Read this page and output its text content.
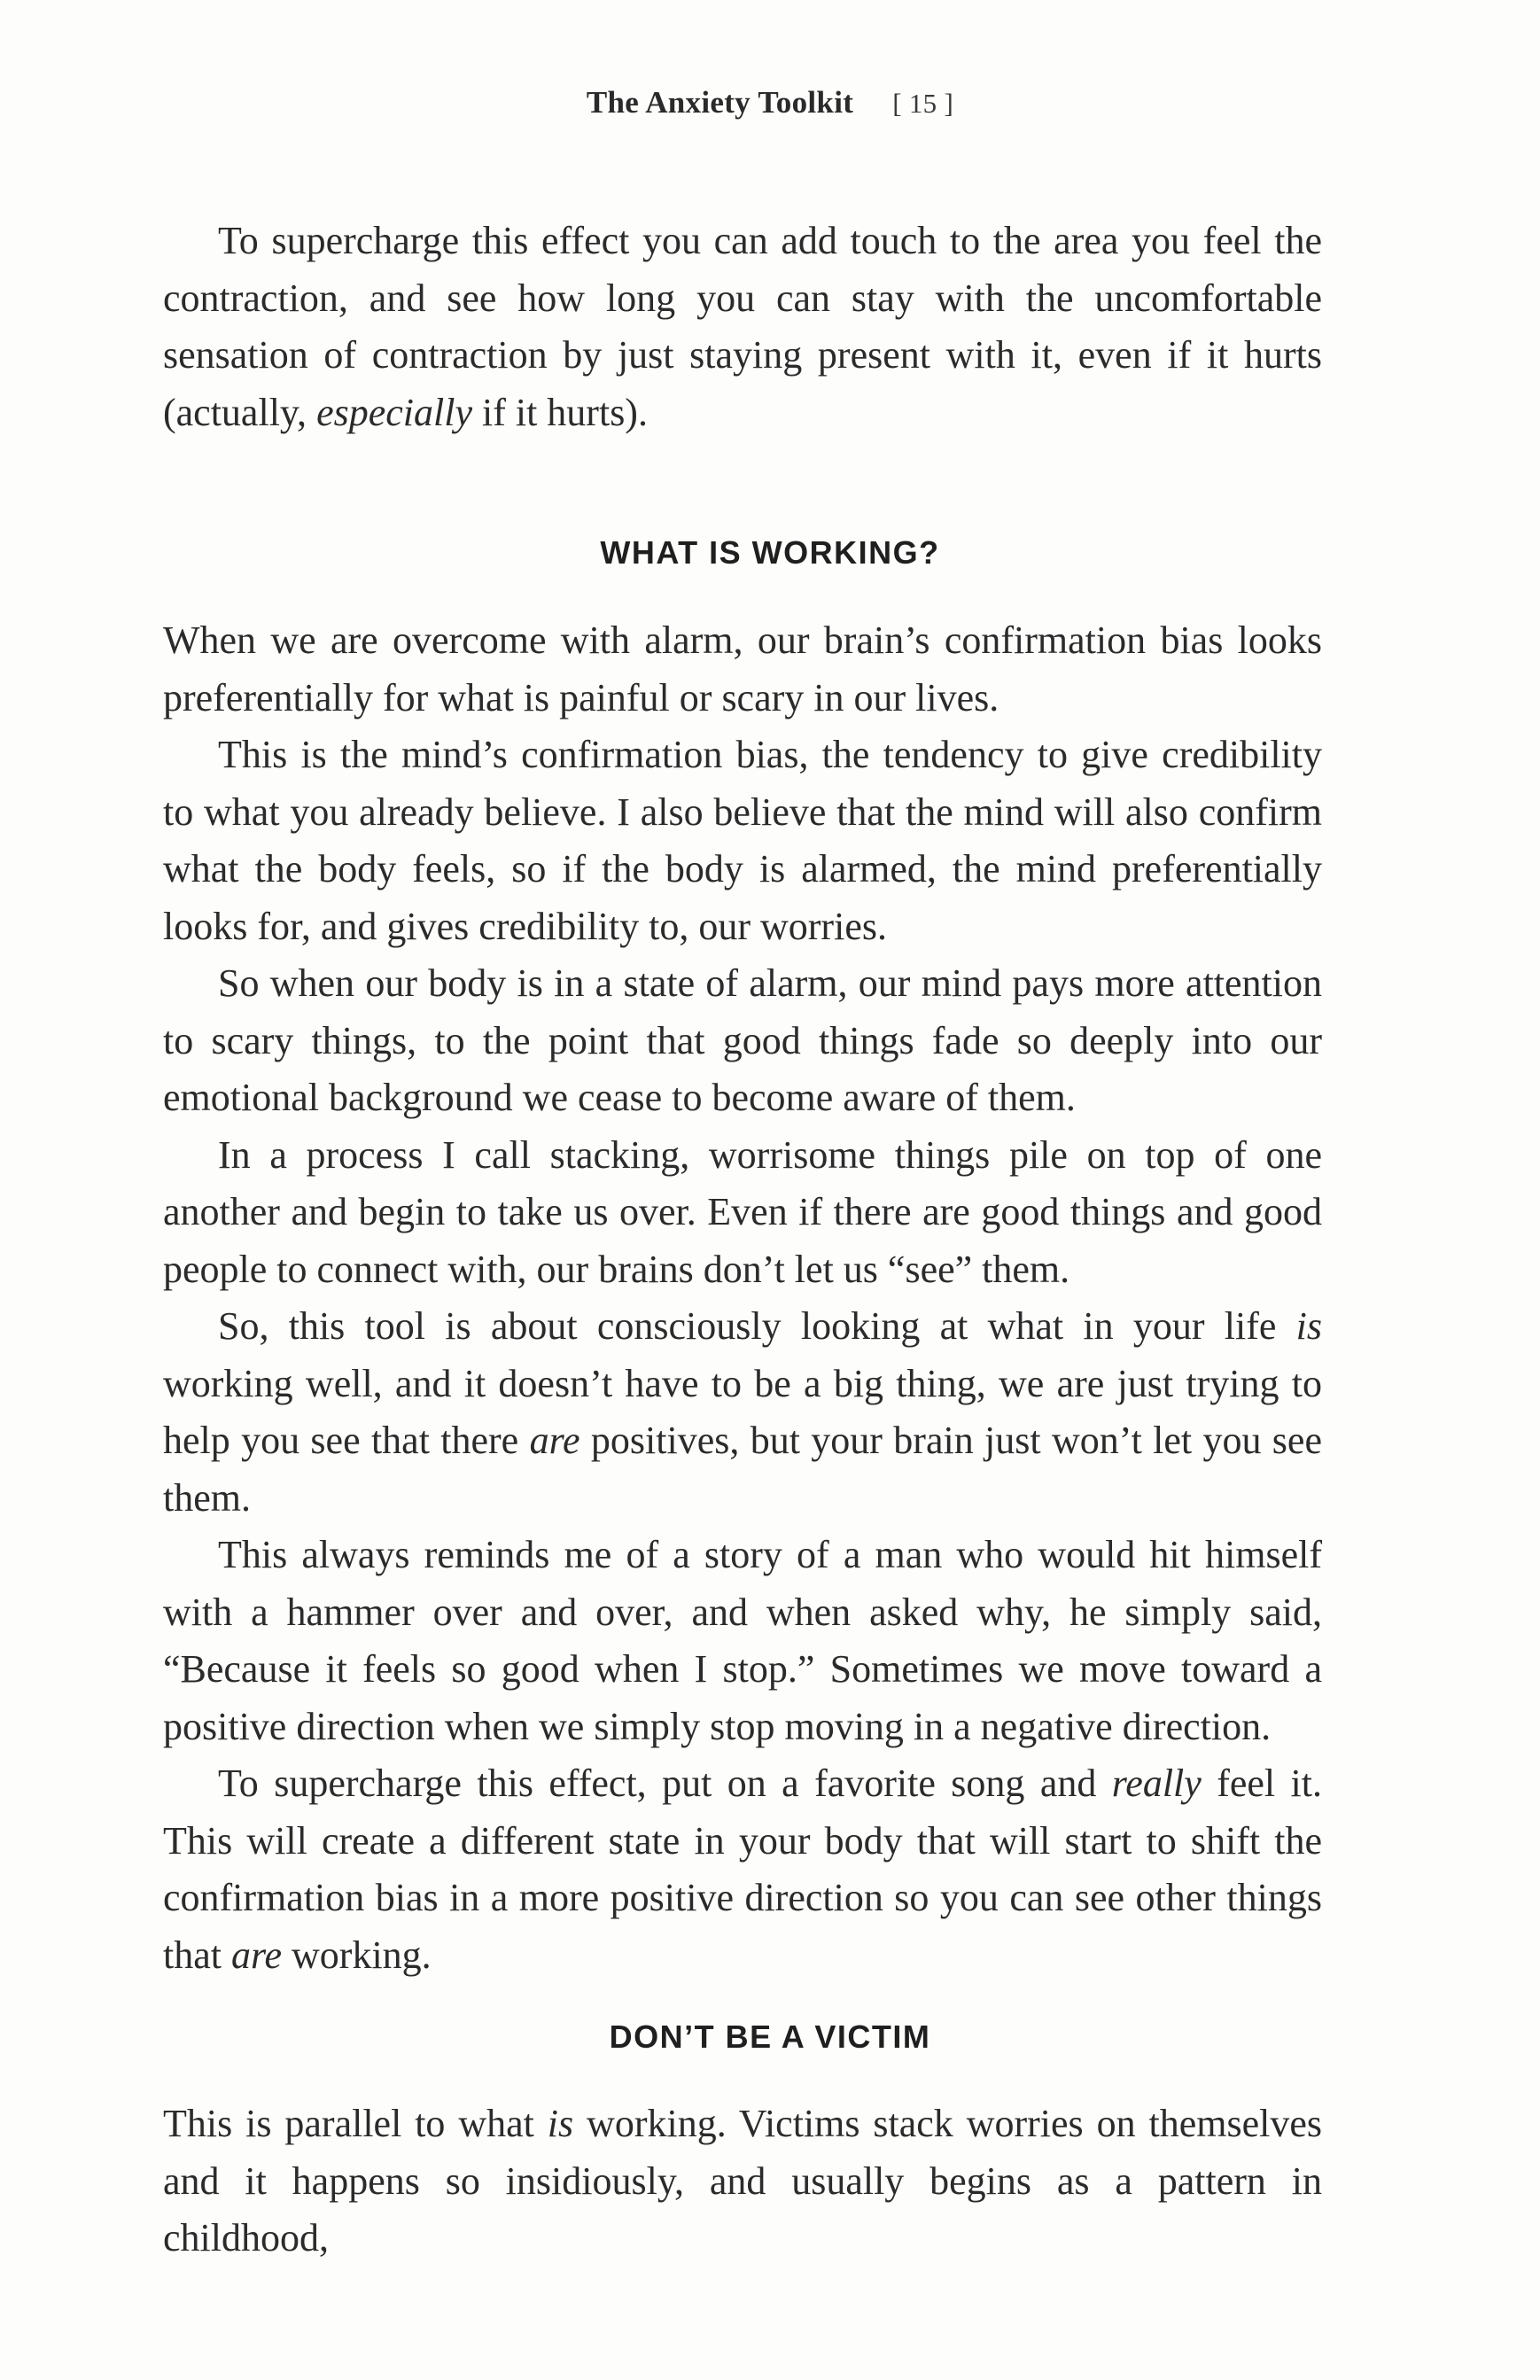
The Anxiety Toolkit [ 15 ]

To supercharge this effect you can add touch to the area you feel the contraction, and see how long you can stay with the uncomfortable sensation of contraction by just staying present with it, even if it hurts (actually, especially if it hurts).

WHAT IS WORKING?

When we are overcome with alarm, our brain’s confirmation bias looks preferentially for what is painful or scary in our lives.

This is the mind’s confirmation bias, the tendency to give credibility to what you already believe. I also believe that the mind will also confirm what the body feels, so if the body is alarmed, the mind preferentially looks for, and gives credibility to, our worries.

So when our body is in a state of alarm, our mind pays more attention to scary things, to the point that good things fade so deeply into our emotional background we cease to become aware of them.

In a process I call stacking, worrisome things pile on top of one another and begin to take us over. Even if there are good things and good people to connect with, our brains don’t let us “see” them.

So, this tool is about consciously looking at what in your life is working well, and it doesn’t have to be a big thing, we are just trying to help you see that there are positives, but your brain just won’t let you see them.

This always reminds me of a story of a man who would hit himself with a hammer over and over, and when asked why, he simply said, “Because it feels so good when I stop.” Sometimes we move toward a positive direction when we simply stop moving in a negative direction.

To supercharge this effect, put on a favorite song and really feel it. This will create a different state in your body that will start to shift the confirmation bias in a more positive direction so you can see other things that are working.

DON’T BE A VICTIM

This is parallel to what is working. Victims stack worries on themselves and it happens so insidiously, and usually begins as a pattern in childhood,
